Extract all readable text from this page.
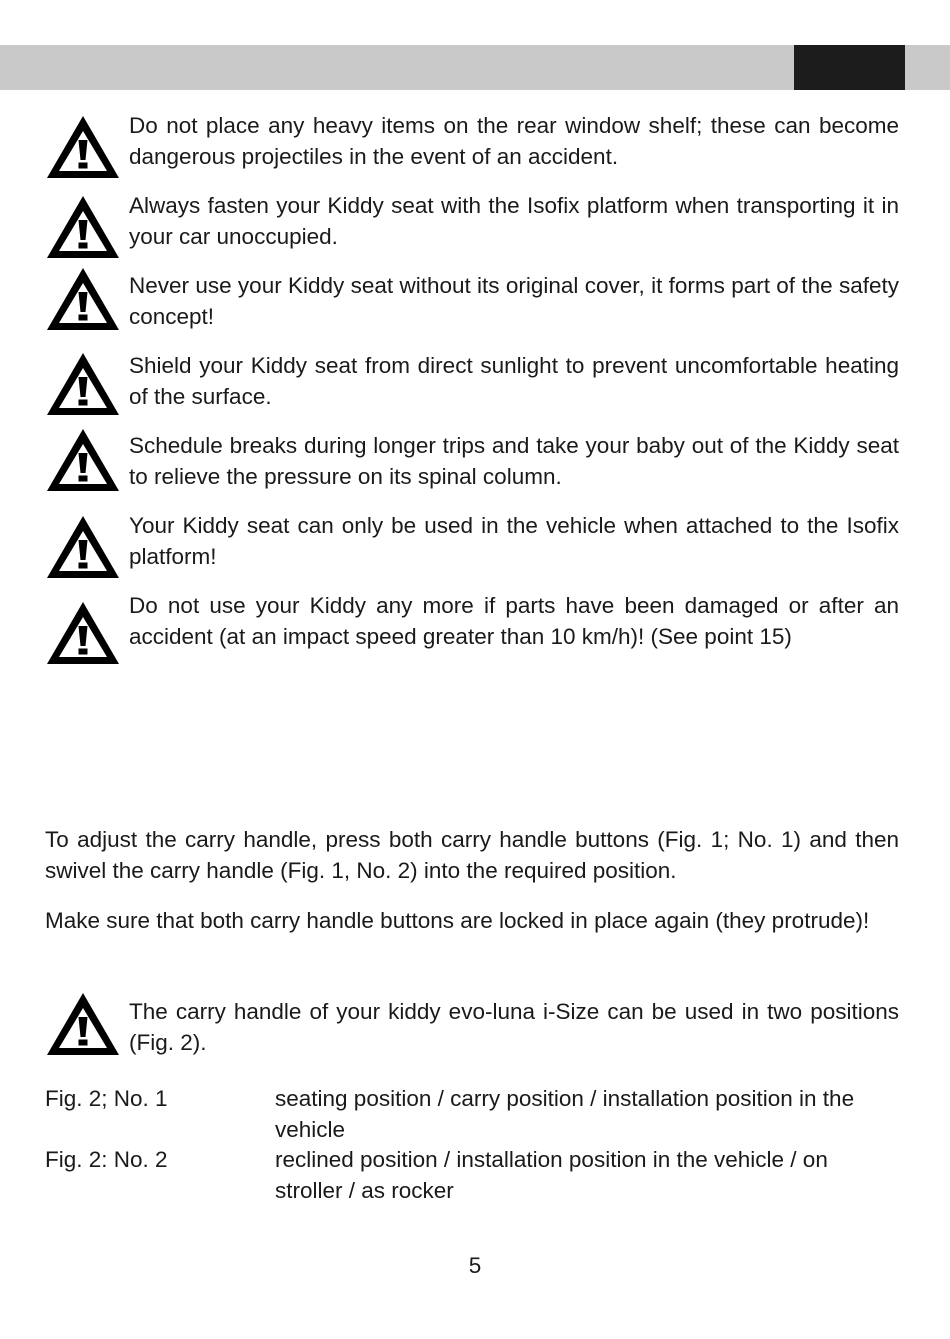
Do not place any heavy items on the rear window shelf; these can become dangerous projectiles in the event of an accident.

Always fasten your Kiddy seat with the Isofix platform when transporting it in your car unoccupied.

Never use your Kiddy seat without its original cover, it forms part of the safety concept!

Shield your Kiddy seat from direct sunlight to prevent uncomfortable heating of the surface.

Schedule breaks during longer trips and take your baby out of the Kiddy seat to relieve the pressure on its spinal column.

Your Kiddy seat can only be used in the vehicle when attached to the Isofix platform!

Do not use your Kiddy any more if parts have been damaged or after an accident (at an impact speed greater than 10 km/h)! (See point 15)

To adjust the carry handle, press both carry handle buttons (Fig. 1; No. 1) and then swivel the carry handle (Fig. 1, No. 2) into the required position.

Make sure that both carry handle buttons are locked in place again (they protrude)!

The carry handle of your kiddy evo-luna i-Size can be used in two positions (Fig. 2).

Fig. 2; No. 1	seating position / carry position / installation position in the vehicle

Fig. 2: No. 2	reclined position / installation position in the vehicle / on stroller / as rocker

5
